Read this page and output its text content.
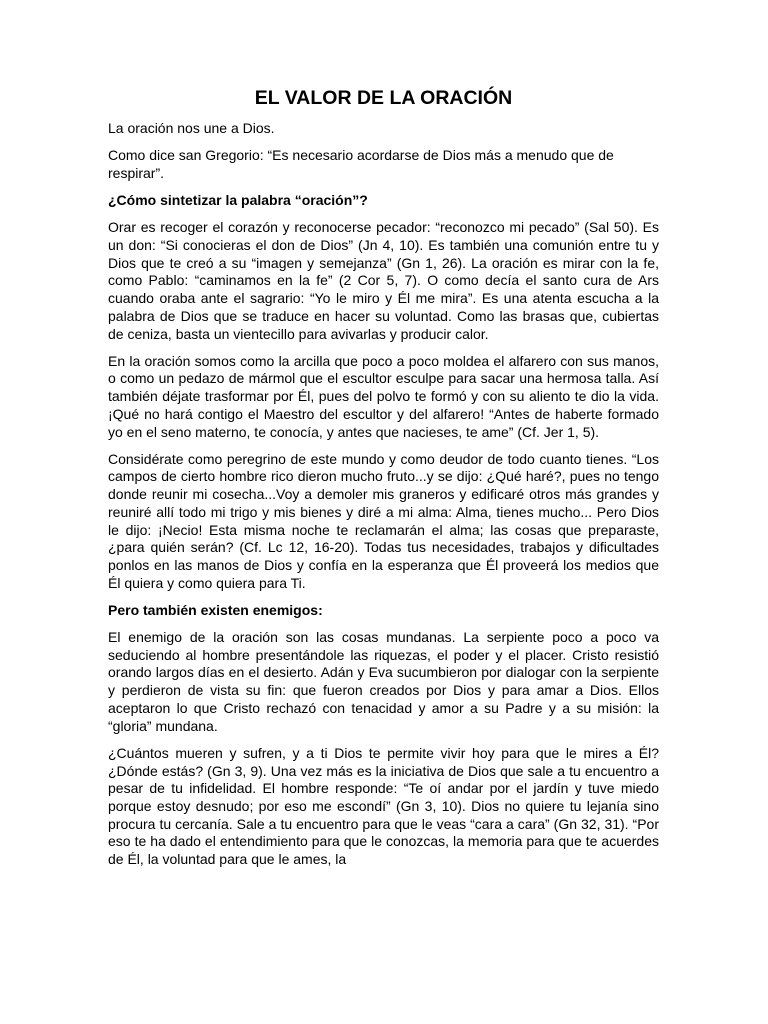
EL VALOR DE LA ORACIÓN

La oración nos une a Dios.

Como dice san Gregorio: “Es necesario acordarse de Dios más a menudo que de respirar”.

¿Cómo sintetizar la palabra “oración”?

Orar es recoger el corazón y reconocerse pecador: “reconozco mi pecado” (Sal 50). Es un don: “Si conocieras el don de Dios” (Jn 4, 10). Es también una comunión entre tu y Dios que te creó a su “imagen y semejanza” (Gn 1, 26). La oración es mirar con la fe, como Pablo: “caminamos en la fe” (2 Cor 5, 7). O como decía el santo cura de Ars cuando oraba ante el sagrario: “Yo le miro y Él me mira”. Es una atenta escucha a la palabra de Dios que se traduce en hacer su voluntad. Como las brasas que, cubiertas de ceniza, basta un vientecillo para avivarlas y producir calor.

En la oración somos como la arcilla que poco a poco moldea el alfarero con sus manos, o como un pedazo de mármol que el escultor esculpe para sacar una hermosa talla. Así también déjate trasformar por Él, pues del polvo te formó y con su aliento te dio la vida. ¡Qué no hará contigo el Maestro del escultor y del alfarero! “Antes de haberte formado yo en el seno materno, te conocía, y antes que nacieses, te ame” (Cf. Jer 1, 5).

Considérate como peregrino de este mundo y como deudor de todo cuanto tienes. “Los campos de cierto hombre rico dieron mucho fruto...y se dijo: ¿Qué haré?, pues no tengo donde reunir mi cosecha...Voy a demoler mis graneros y edificaré otros más grandes y reuniré allí todo mi trigo y mis bienes y diré a mi alma: Alma, tienes mucho... Pero Dios le dijo: ¡Necio! Esta misma noche te reclamarán el alma; las cosas que preparaste, ¿para quién serán? (Cf. Lc 12, 16-20). Todas tus necesidades, trabajos y dificultades ponlos en las manos de Dios y confía en la esperanza que Él proveerá los medios que Él quiera y como quiera para Ti.

Pero también existen enemigos:

El enemigo de la oración son las cosas mundanas. La serpiente poco a poco va seduciendo al hombre presentándole las riquezas, el poder y el placer. Cristo resistió orando largos días en el desierto. Adán y Eva sucumbieron por dialogar con la serpiente y perdieron de vista su fin: que fueron creados por Dios y para amar a Dios. Ellos aceptaron lo que Cristo rechazó con tenacidad y amor a su Padre y a su misión: la “gloria” mundana.

¿Cuántos mueren y sufren, y a ti Dios te permite vivir hoy para que le mires a Él? ¿Dónde estás? (Gn 3, 9). Una vez más es la iniciativa de Dios que sale a tu encuentro a pesar de tu infidelidad. El hombre responde: “Te oí andar por el jardín y tuve miedo porque estoy desnudo; por eso me escondí” (Gn 3, 10). Dios no quiere tu lejanía sino procura tu cercanía. Sale a tu encuentro para que le veas “cara a cara” (Gn 32, 31). “Por eso te ha dado el entendimiento para que le conozcas, la memoria para que te acuerdes de Él, la voluntad para que le ames, la
